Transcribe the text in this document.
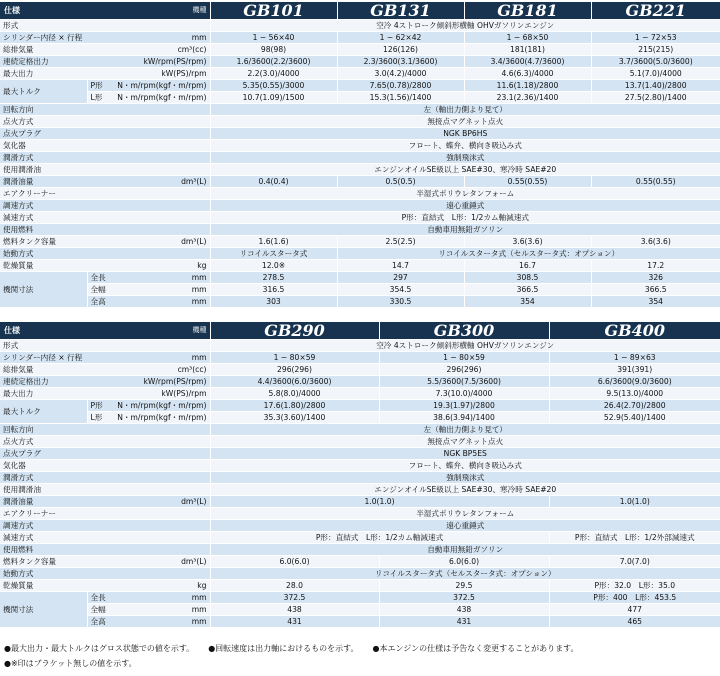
仕様		機種	GB101	GB131	GB181	GB221
形式			空冷 4ストローク傾斜形横軸 OHVガソリンエンジン			
シリンダー内径 × 行程		mm	1 − 56×40	1 − 62×42	1 − 68×50	1 − 72×53
総排気量		cm³(cc)	98(98)	126(126)	181(181)	215(215)
連続定格出力		kW/rpm(PS/rpm)	1.6/3600(2.2/3600)	2.3/3600(3.1/3600)	3.4/3600(4.7/3600)	3.7/3600(5.0/3600)
最大出力		kW(PS)/rpm	2.2(3.0)/4000	3.0(4.2)/4000	4.6(6.3)/4000	5.1(7.0)/4000
最大トルク	P形	N・m/rpm(kgf・m/rpm)	5.35(0.55)/3000	7.65(0.78)/2800	11.6(1.18)/2800	13.7(1.40)/2800
	L形	N・m/rpm(kgf・m/rpm)	10.7(1.09)/1500	15.3(1.56)/1400	23.1(2.36)/1400	27.5(2.80)/1400
回転方向			左（軸出力側より見て）			
点火方式			無接点マグネット点火			
点火プラグ			NGK BP6HS			
気化器			フロート、蝶弁、横向き吸込み式			
潤滑方式			強制飛沫式			
使用潤滑油			エンジンオイルSE級以上 SAE#30、寒冷時 SAE#20			
潤滑油量		dm³(L)	0.4(0.4)	0.5(0.5)	0.55(0.55)	0.55(0.55)
エアクリーナー			半湿式ポリウレタンフォーム			
調速方式			遠心重錘式			
減速方式			P形：直結式　L形：1/2カム軸減速式			
使用燃料			自動車用無鉛ガソリン			
燃料タンク容量		dm³(L)	1.6(1.6)	2.5(2.5)	3.6(3.6)	3.6(3.6)
始動方式			リコイルスタータ式	リコイルスタータ式（セルスタータ式：オプション）		
乾燥質量		kg	12.0※	14.7	16.7	17.2
機関寸法	全長	mm	278.5	297	308.5	326
	全幅	mm	316.5	354.5	366.5	366.5
	全高	mm	303	330.5	354	354
仕様		機種	GB290	GB300	GB400
形式			空冷 4ストローク傾斜形横軸 OHVガソリンエンジン		
シリンダー内径 × 行程		mm	1 − 80×59	1 − 80×59	1 − 89×63
総排気量		cm³(cc)	296(296)	296(296)	391(391)
連続定格出力		kW/rpm(PS/rpm)	4.4/3600(6.0/3600)	5.5/3600(7.5/3600)	6.6/3600(9.0/3600)
最大出力		kW(PS)/rpm	5.8(8.0)/4000	7.3(10.0)/4000	9.5(13.0)/4000
最大トルク	P形	N・m/rpm(kgf・m/rpm)	17.6(1.80)/2800	19.3(1.97)/2800	26.4(2.70)/2800
	L形	N・m/rpm(kgf・m/rpm)	35.3(3.60)/1400	38.6(3.94)/1400	52.9(5.40)/1400
回転方向			左（軸出力側より見て）		
点火方式			無接点マグネット点火		
点火プラグ			NGK BP5ES		
気化器			フロート、蝶弁、横向き吸込み式		
潤滑方式			強制飛沫式		
使用潤滑油			エンジンオイルSE級以上 SAE#30、寒冷時 SAE#20		
潤滑油量		dm³(L)	1.0(1.0)		1.0(1.0)
エアクリーナー			半湿式ポリウレタンフォーム		
調速方式			遠心重錘式		
減速方式			P形：直結式　L形：1/2カム軸減速式		P形：直結式　L形：1/2外部減速式
使用燃料			自動車用無鉛ガソリン		
燃料タンク容量		dm³(L)	6.0(6.0)	6.0(6.0)	7.0(7.0)
始動方式			リコイルスタータ式（セルスタータ式：オプション）		
乾燥質量		kg	28.0	29.5	P形：32.0　L形：35.0
機関寸法	全長	mm	372.5	372.5	P形：400　L形：453.5
	全幅	mm	438	438	477
	全高	mm	431	431	465
●最大出力・最大トルクはグロス状態での値を示す。 ●回転速度は出力軸におけるものを示す。 ●本エンジンの仕様は予告なく変更することがあります。
●※印はブラケット無しの値を示す。
